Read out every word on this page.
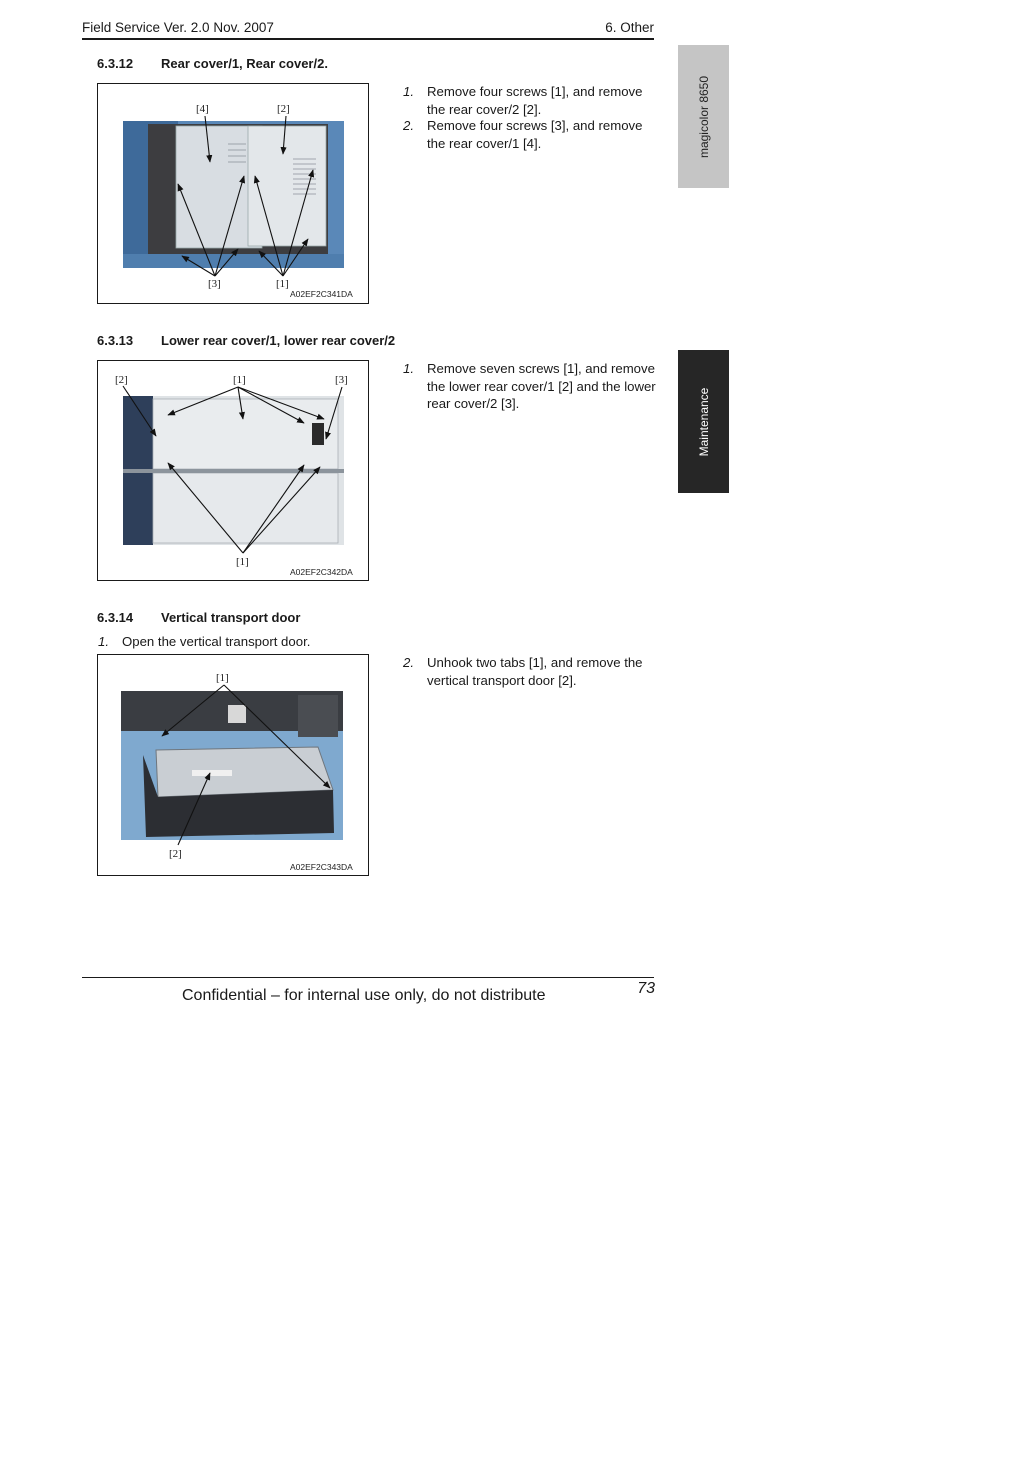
Field Service Ver. 2.0 Nov. 2007	6. Other
magicolor 8650
Maintenance
6.3.12 Rear cover/1, Rear cover/2.
[4]	[2]
[3]	[1]
A02EF2C341DA
1. Remove four screws [1], and remove the rear cover/2 [2].
2. Remove four screws [3], and remove the rear cover/1 [4].
6.3.13 Lower rear cover/1, lower rear cover/2
[2]	[1]	[3]
[1]
A02EF2C342DA
1. Remove seven screws [1], and remove the lower rear cover/1 [2] and the lower rear cover/2 [3].
6.3.14 Vertical transport door
1. Open the vertical transport door.
[1]
[2]
A02EF2C343DA
2. Unhook two tabs [1], and remove the vertical transport door [2].
Confidential – for internal use only, do not distribute	73
